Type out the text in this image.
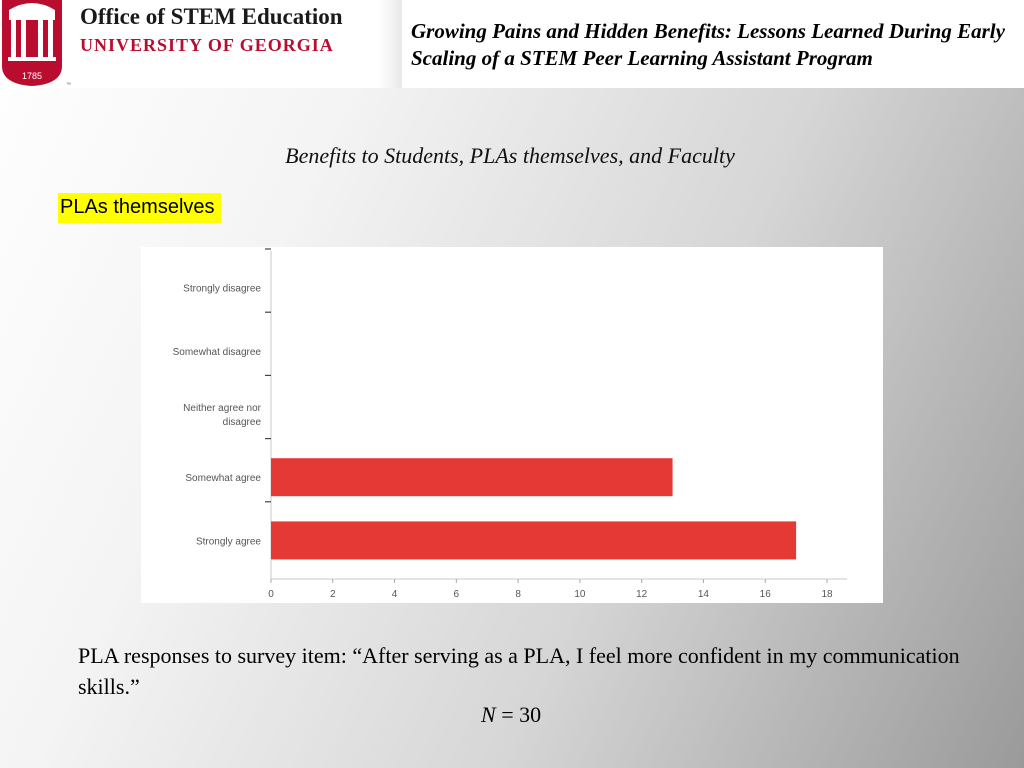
1785
™
Office of STEM Education
UNIVERSITY OF GEORGIA
Growing Pains and Hidden Benefits: Lessons Learned During Early Scaling of a STEM Peer Learning Assistant Program
Benefits to Students, PLAs themselves, and Faculty
PLAs themselves
Strongly disagree
Somewhat disagree
Neither agree nor
disagree
Somewhat agree
Strongly agree
0	2	4	6	8	10	12	14	16	18
PLA responses to survey item: “After serving as a PLA, I feel more confident in my communication skills.”
N = 30
